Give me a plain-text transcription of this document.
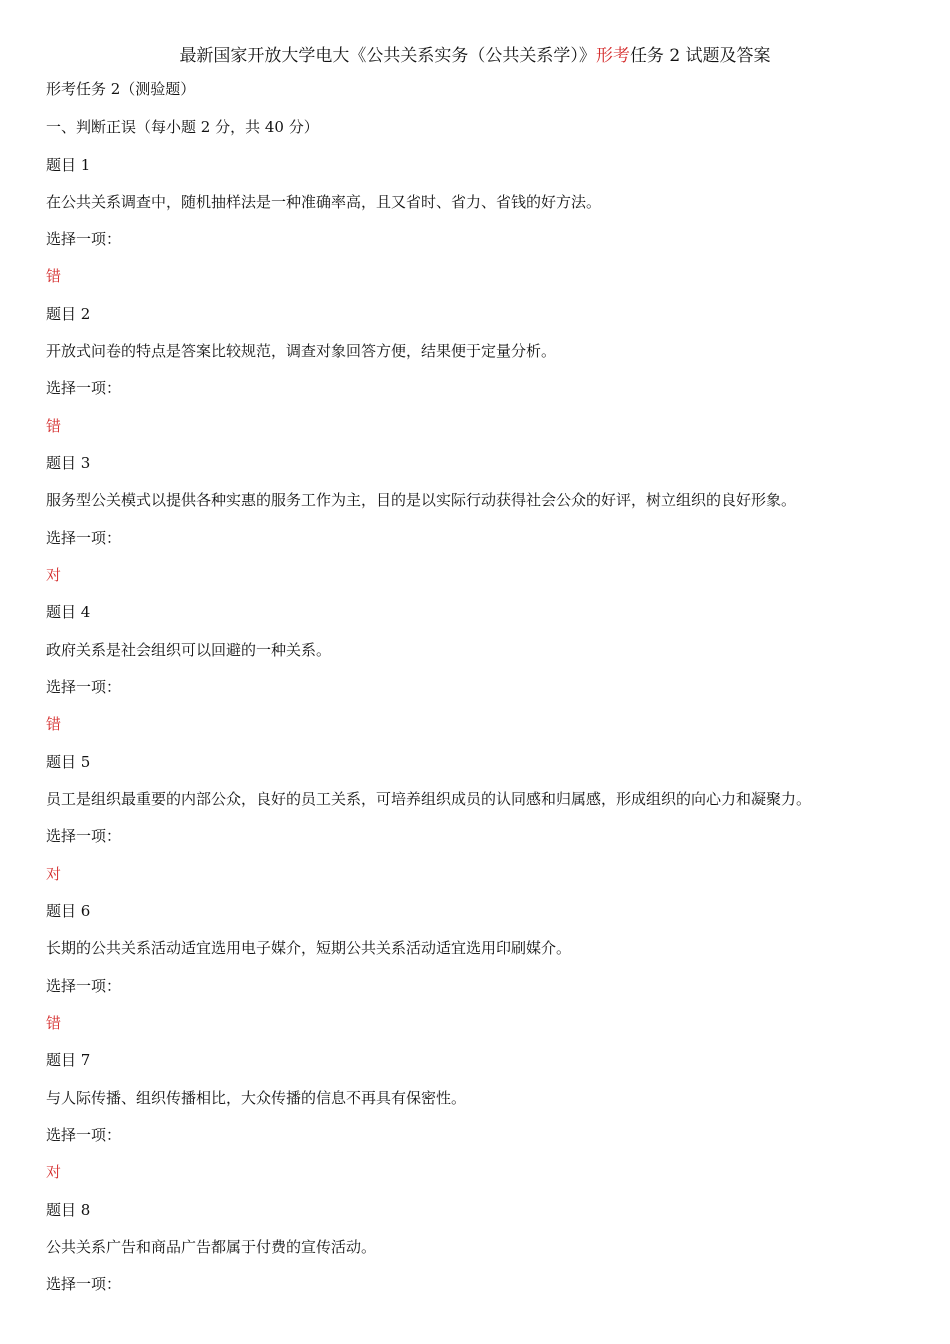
最新国家开放大学电大《公共关系实务（公共关系学）》形考任务 2 试题及答案
形考任务 2（测验题）
一、判断正误（每小题 2 分，共 40 分）
题目 1
在公共关系调查中，随机抽样法是一种准确率高，且又省时、省力、省钱的好方法。
选择一项：
错
题目 2
开放式问卷的特点是答案比较规范，调查对象回答方便，结果便于定量分析。
选择一项：
错
题目 3
服务型公关模式以提供各种实惠的服务工作为主，目的是以实际行动获得社会公众的好评，树立组织的良好形象。
选择一项：
对
题目 4
政府关系是社会组织可以回避的一种关系。
选择一项：
错
题目 5
员工是组织最重要的内部公众，良好的员工关系，可培养组织成员的认同感和归属感，形成组织的向心力和凝聚力。
选择一项：
对
题目 6
长期的公共关系活动适宜选用电子媒介，短期公共关系活动适宜选用印刷媒介。
选择一项：
错
题目 7
与人际传播、组织传播相比，大众传播的信息不再具有保密性。
选择一项：
对
题目 8
公共关系广告和商品广告都属于付费的宣传活动。
选择一项：
